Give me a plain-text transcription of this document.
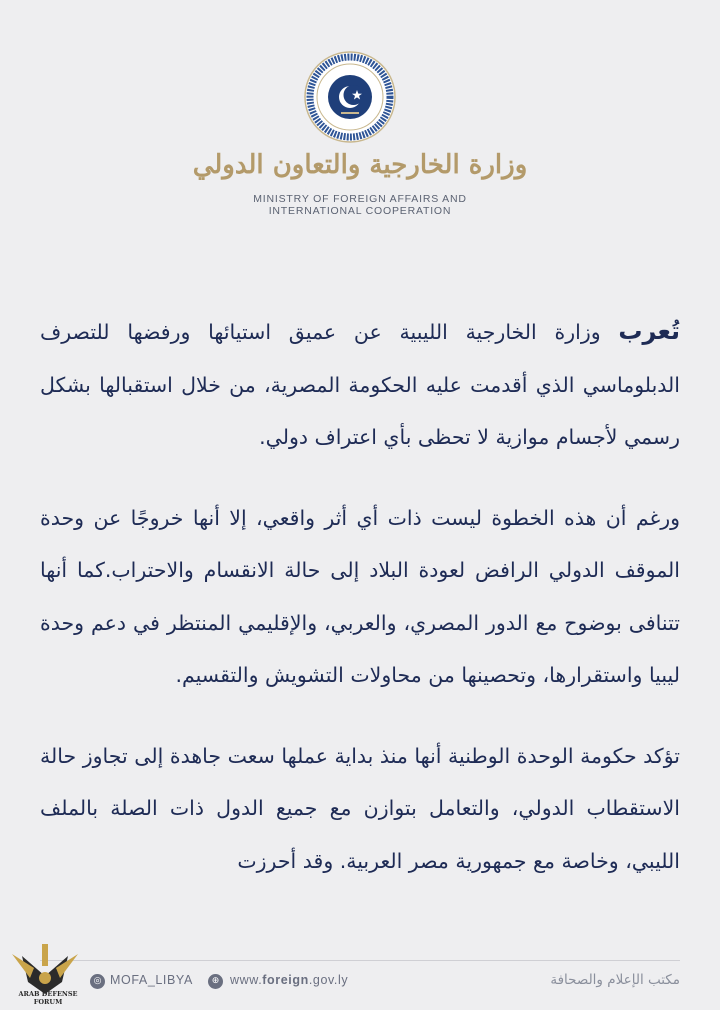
وزارة الخارجية والتعاون الدولي
MINISTRY OF FOREIGN AFFAIRS AND
INTERNATIONAL COOPERATION

تُعرب وزارة الخارجية الليبية عن عميق استيائها ورفضها للتصرف الدبلوماسي الذي أقدمت عليه الحكومة المصرية، من خلال استقبالها بشكل رسمي لأجسام موازية لا تحظى بأي اعتراف دولي.

ورغم أن هذه الخطوة ليست ذات أي أثر واقعي، إلا أنها خروجًا عن وحدة الموقف الدولي الرافض لعودة البلاد إلى حالة الانقسام والاحتراب.كما أنها تتنافى بوضوح مع الدور المصري، والعربي، والإقليمي المنتظر في دعم وحدة ليبيا واستقرارها، وتحصينها من محاولات التشويش والتقسيم.

تؤكد حكومة الوحدة الوطنية أنها منذ بداية عملها سعت جاهدة إلى تجاوز حالة الاستقطاب الدولي، والتعامل بتوازن مع جميع الدول ذات الصلة بالملف الليبي، وخاصة مع جمهورية مصر العربية. وقد أحرزت

◎ MOFA_LIBYA	⊕ www.foreign.gov.ly	مكتب الإعلام والصحافة
ARAB DEFENSE FORUM
